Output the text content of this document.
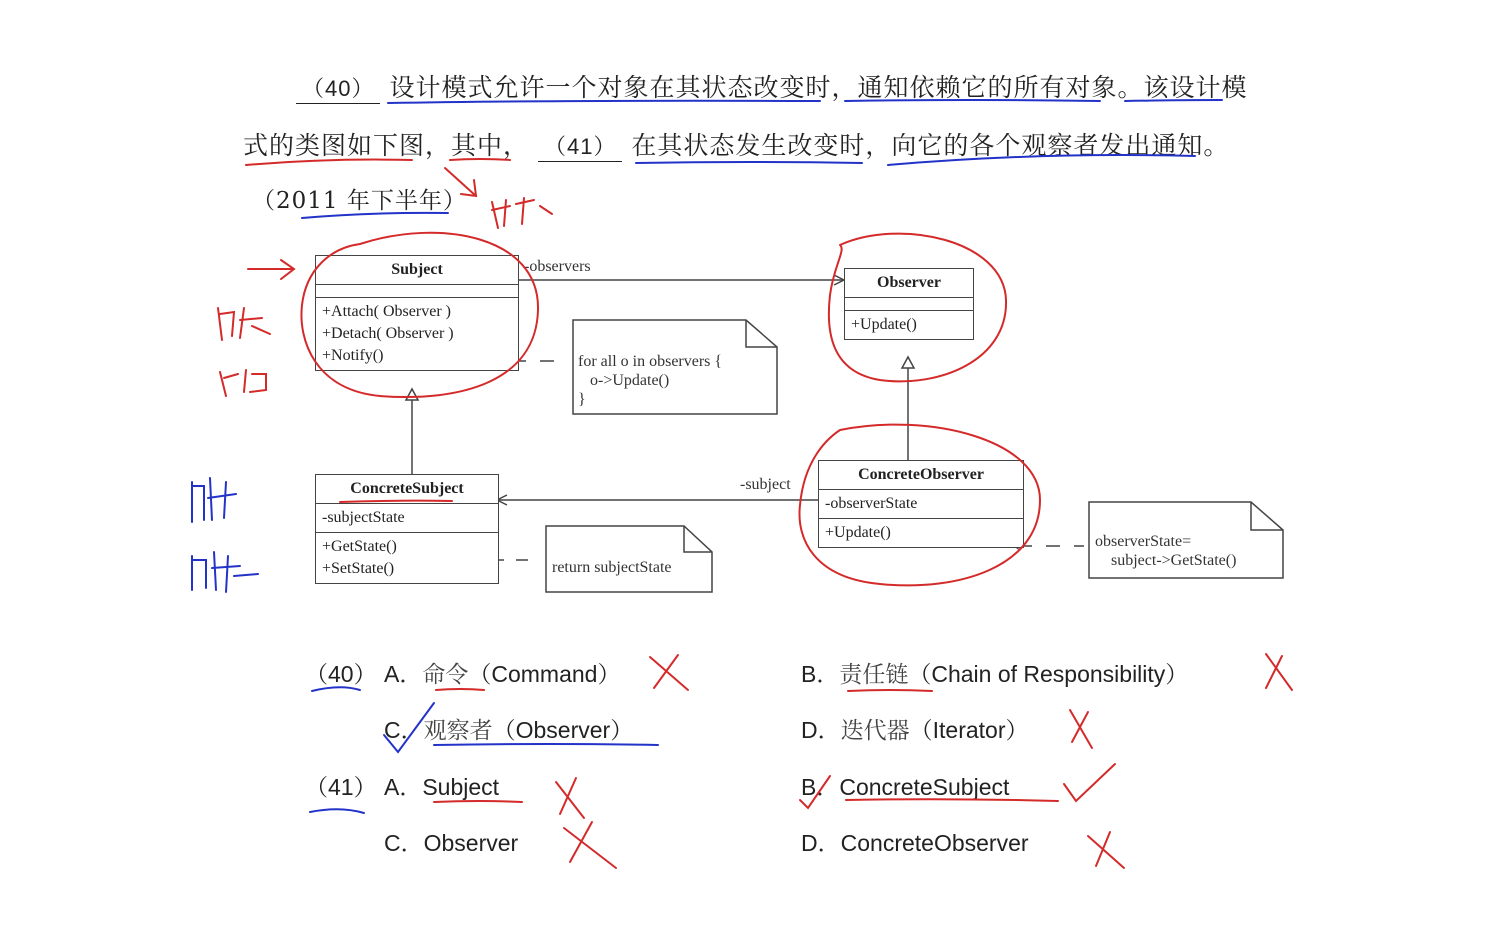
（40） 设计模式允许一个对象在其状态改变时，通知依赖它的所有对象。该设计模
式的类图如下图，其中， （41） 在其状态发生改变时，向它的各个观察者发出通知。
（2011 年下半年）
Subject
+Attach( Observer )
+Detach( Observer )
+Notify()
Observer
+Update()
ConcreteSubject
-subjectState
+GetState()
+SetState()
ConcreteObserver
-observerState
+Update()
for all o in observers {
o->Update()
}
return subjectState
observerState=
subject->GetState()
-observers
-subject
（40） A．命令（Command）	B．责任链（Chain of Responsibility）
C．观察者（Observer）	D．迭代器（Iterator）
（41） A．Subject	B．ConcreteSubject
C．Observer	D．ConcreteObserver
